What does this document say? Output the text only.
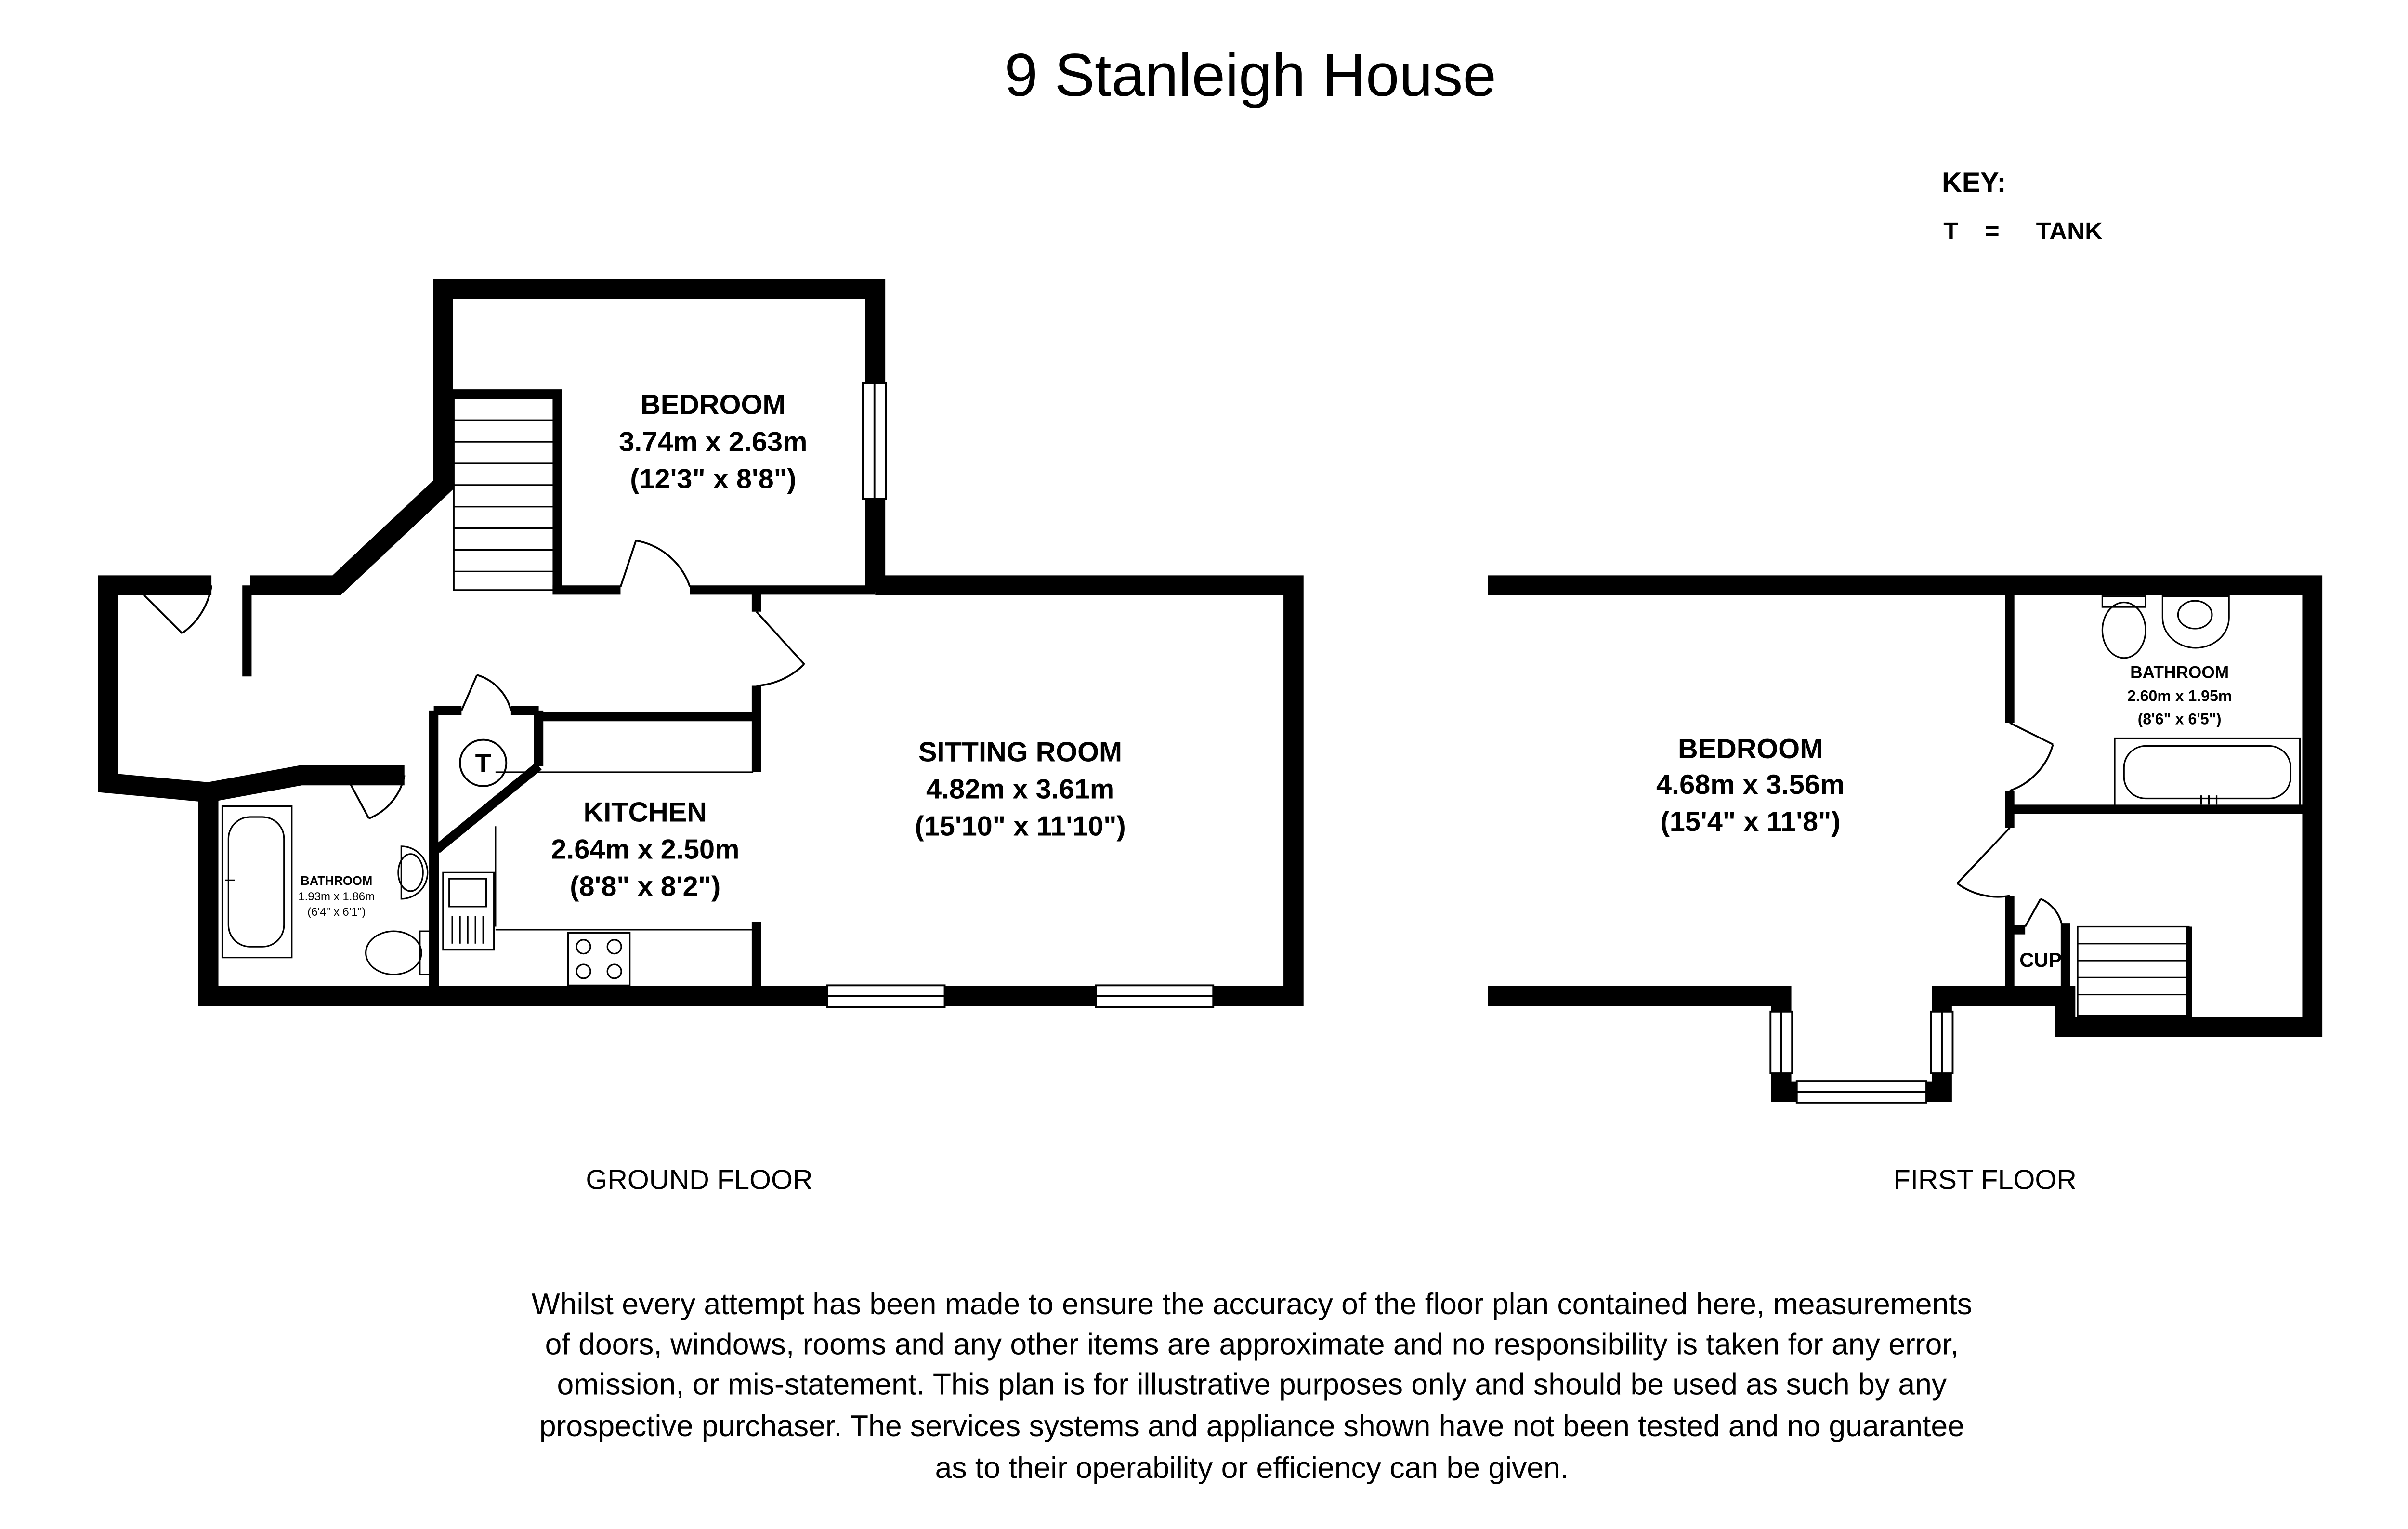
9 Stanleigh House
KEY:
T	=	TANK
T
BEDROOM
3.74m x 2.63m
(12'3" x 8'8")
SITTING ROOM
4.82m x 3.61m
(15'10" x 11'10")
KITCHEN
2.64m x 2.50m
(8'8" x 8'2")
BATHROOM
1.93m x 1.86m
(6'4" x 6'1")
GROUND FLOOR
BEDROOM
4.68m x 3.56m
(15'4" x 11'8")
BATHROOM
2.60m x 1.95m
(8'6" x 6'5")
CUP
FIRST FLOOR
Whilst every attempt has been made to ensure the accuracy of the floor plan contained here, measurements
of doors, windows, rooms and any other items are approximate and no responsibility is taken for any error,
omission, or mis-statement. This plan is for illustrative purposes only and should be used as such by any
prospective purchaser. The services systems and appliance shown have not been tested and no guarantee
as to their operability or efficiency can be given.
